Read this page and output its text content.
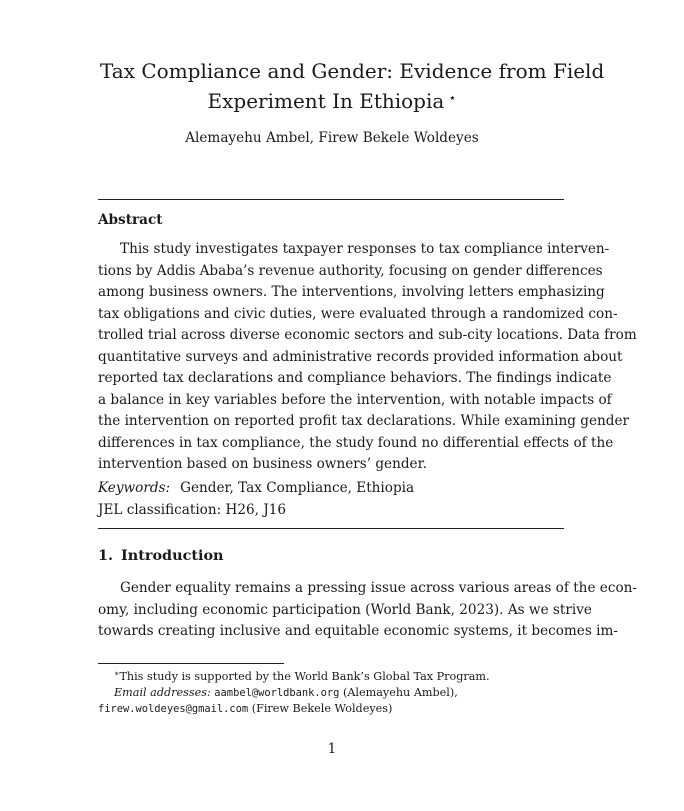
Tax Compliance and Gender: Evidence from Field
Experiment In Ethiopia ⋆
Alemayehu Ambel, Firew Bekele Woldeyes
Abstract
This study investigates taxpayer responses to tax compliance interven-
tions by Addis Ababa’s revenue authority, focusing on gender differences
among business owners. The interventions, involving letters emphasizing
tax obligations and civic duties, were evaluated through a randomized con-
trolled trial across diverse economic sectors and sub-city locations. Data from
quantitative surveys and administrative records provided information about
reported tax declarations and compliance behaviors. The findings indicate
a balance in key variables before the intervention, with notable impacts of
the intervention on reported profit tax declarations. While examining gender
differences in tax compliance, the study found no differential effects of the
intervention based on business owners’ gender.
Keywords: Gender, Tax Compliance, Ethiopia
JEL classification: H26, J16
1. Introduction
Gender equality remains a pressing issue across various areas of the econ-
omy, including economic participation (World Bank, 2023). As we strive
towards creating inclusive and equitable economic systems, it becomes im-
∗This study is supported by the World Bank’s Global Tax Program.
Email addresses: aambel@worldbank.org (Alemayehu Ambel),
firew.woldeyes@gmail.com (Firew Bekele Woldeyes)
1
